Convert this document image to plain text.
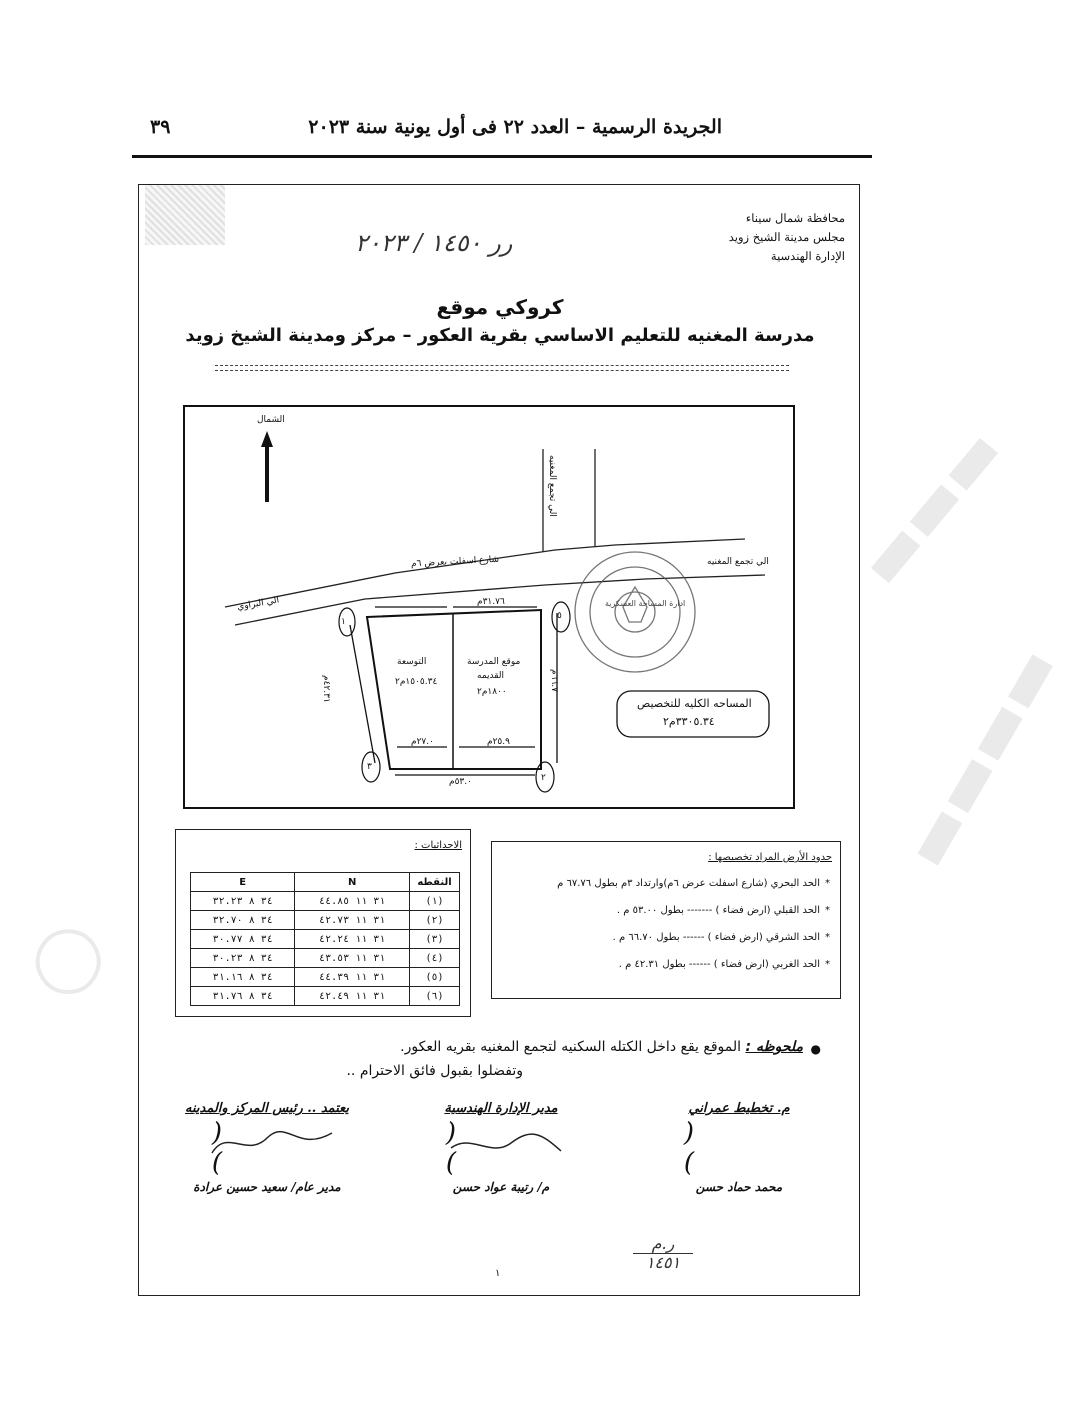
الجريدة الرسمية – العدد ٢٢ فى أول يونية سنة ٢٠٢٣
٣٩
محافظة شمال سيناء
مجلس مدينة الشيخ زويد
الإدارة الهندسية
رر ١٤٥٠ / ٢٠٢٣
كروكي موقع
مدرسة المغنيه للتعليم الاساسي بقرية العكور – مركز ومدينة الشيخ زويد
الشمال
الي تجمع المغنيه
الي تجمع المغنيه
الي البراوي
شارع اسفلت بعرض ٦م
التوسعة
١٥٠٥.٣٤م٢
موقع المدرسة
القديمه
١٨٠٠م٢
٣١.٧٦م
٦٦.٧م
٤٢.٣١م
٢٧.٠م	٢٥.٩م
٥٣.٠م
١
٢
٣
٥
ادارة المساحة العسكرية
المساحه الكليه للتخصيص
٣٣٠٥.٣٤م٢
الاحداثيات :
النقطه	N	E
(١)	٣١ ١١ ٤٤.٨٥	٣٤ ٨ ٣٢.٢٣
(٢)	٣١ ١١ ٤٢.٧٣	٣٤ ٨ ٣٢.٧٠
(٣)	٣١ ١١ ٤٢.٢٤	٣٤ ٨ ٣٠.٧٧
(٤)	٣١ ١١ ٤٣.٥٣	٣٤ ٨ ٣٠.٢٣
(٥)	٣١ ١١ ٤٤.٣٩	٣٤ ٨ ٣١.١٦
(٦)	٣١ ١١ ٤٢.٤٩	٣٤ ٨ ٣١.٧٦
حدود الأرض المراد تخصيصها :
* الحد البحري (شارع اسفلت عرض ٦م)وارتداد ٣م بطول ٦٧.٧٦ م
* الحد القبلي (ارض فضاء ) ------- بطول ٥٣.٠٠ م .
* الحد الشرقي (ارض فضاء ) ------ بطول ٦٦.٧٠ م .
* الحد الغربي (ارض فضاء ) ------ بطول ٤٢.٣١ م .
●
ملحوظه : الموقع يقع داخل الكتله السكنيه لتجمع المغنيه بقريه العكور.
وتفضلوا بقبول فائق الاحترام ..
يعتمد .. رئيس المركز والمدينه
( )
مدير عام/ سعيد حسين عرادة
مدير الإدارة الهندسية
( )
م/ رتيبة عواد حسن
م. تخطيط عمراني
( )
محمد حماد حسن
ر.م
١٤٥١
١
▬▬▬
▬▬▬▬
◯
